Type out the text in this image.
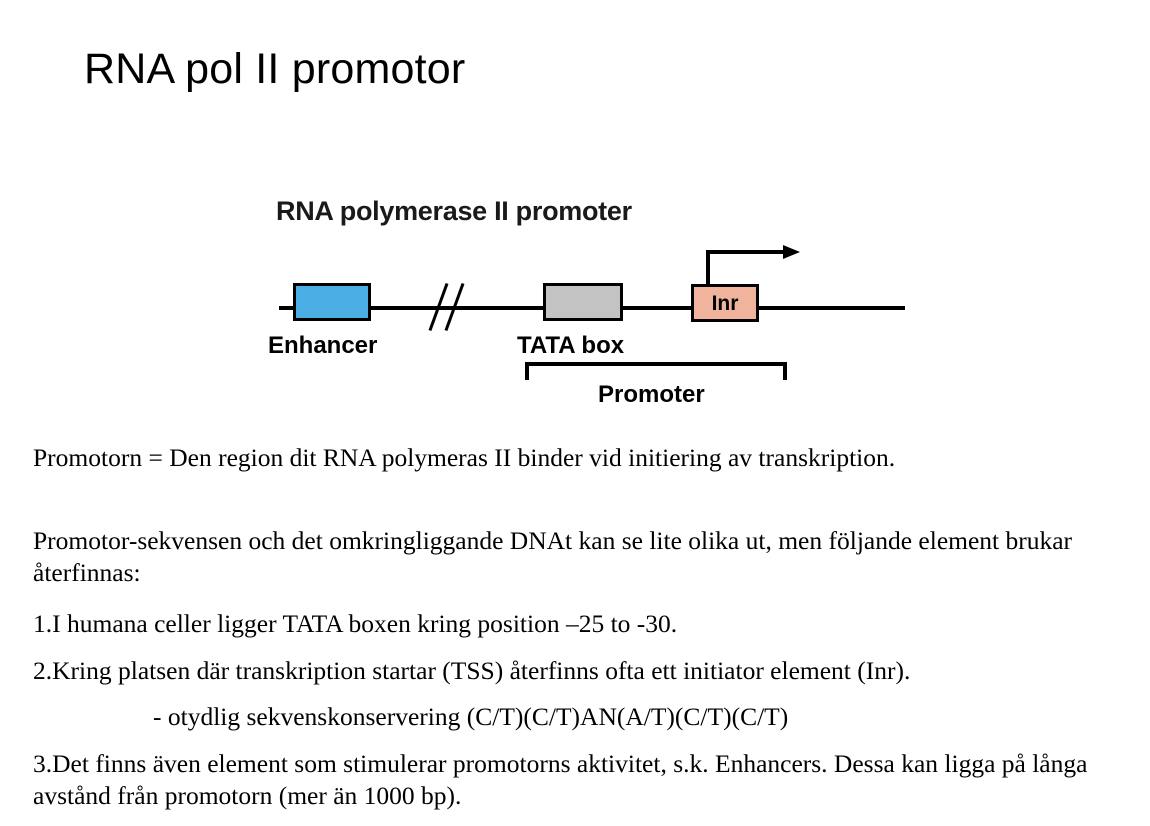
RNA pol II promotor
RNA polymerase II promoter
Inr
Enhancer	TATA box
Promoter

Promotorn = Den region dit RNA polymeras II binder vid initiering av transkription.

Promotor-sekvensen och det omkringliggande DNAt kan se lite olika ut, men följande element brukar återfinnas:

1.I humana celler ligger TATA boxen kring position –25 to -30.

2.Kring platsen där transkription startar (TSS) återfinns ofta ett initiator element (Inr).

- otydlig sekvenskonservering (C/T)(C/T)AN(A/T)(C/T)(C/T)

3.Det finns även element som stimulerar promotorns aktivitet, s.k. Enhancers. Dessa kan ligga på långa avstånd från promotorn (mer än 1000 bp).
